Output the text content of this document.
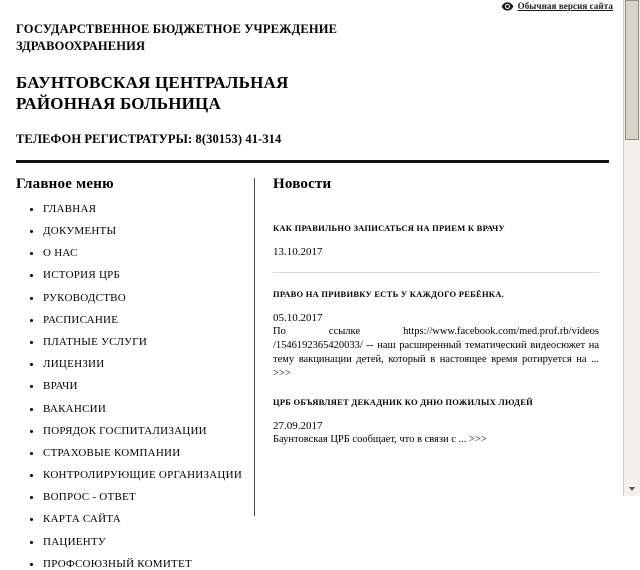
Обычная версия сайта
ГОСУДАРСТВЕННОЕ БЮДЖЕТНОЕ УЧРЕЖДЕНИЕ
ЗДРАВООХРАНЕНИЯ
БАУНТОВСКАЯ ЦЕНТРАЛЬНАЯ
РАЙОННАЯ БОЛЬНИЦА
ТЕЛЕФОН РЕГИСТРАТУРЫ: 8(30153) 41-314
Главное меню
ГЛАВНАЯ
ДОКУМЕНТЫ
О НАС
ИСТОРИЯ ЦРБ
РУКОВОДСТВО
РАСПИСАНИЕ
ПЛАТНЫЕ УСЛУГИ
ЛИЦЕНЗИИ
ВРАЧИ
ВАКАНСИИ
ПОРЯДОК ГОСПИТАЛИЗАЦИИ
СТРАХОВЫЕ КОМПАНИИ
КОНТРОЛИРУЮЩИЕ ОРГАНИЗАЦИИ
ВОПРОС - ОТВЕТ
КАРТА САЙТА
ПАЦИЕНТУ
ПРОФСОЮЗНЫЙ КОМИТЕТ
Новости
КАК ПРАВИЛЬНО ЗАПИСАТЬСЯ НА ПРИЕМ К ВРАЧУ
13.10.2017
ПРАВО НА ПРИВИВКУ ЕСТЬ У КАЖДОГО РЕБЁНКА.
05.10.2017
По ссылке https://www.facebook.com/med.prof.rb/videos /1546192365420033/ -- наш расширенный тематический видеосюжет на тему вакцинации детей, который в настоящее время ротируется на ... >>>
ЦРБ ОБЪЯВЛЯЕТ ДЕКАДНИК КО ДНЮ ПОЖИЛЫХ ЛЮДЕЙ
27.09.2017
Баунтовская ЦРБ сообщает, что в связи с ... >>>
